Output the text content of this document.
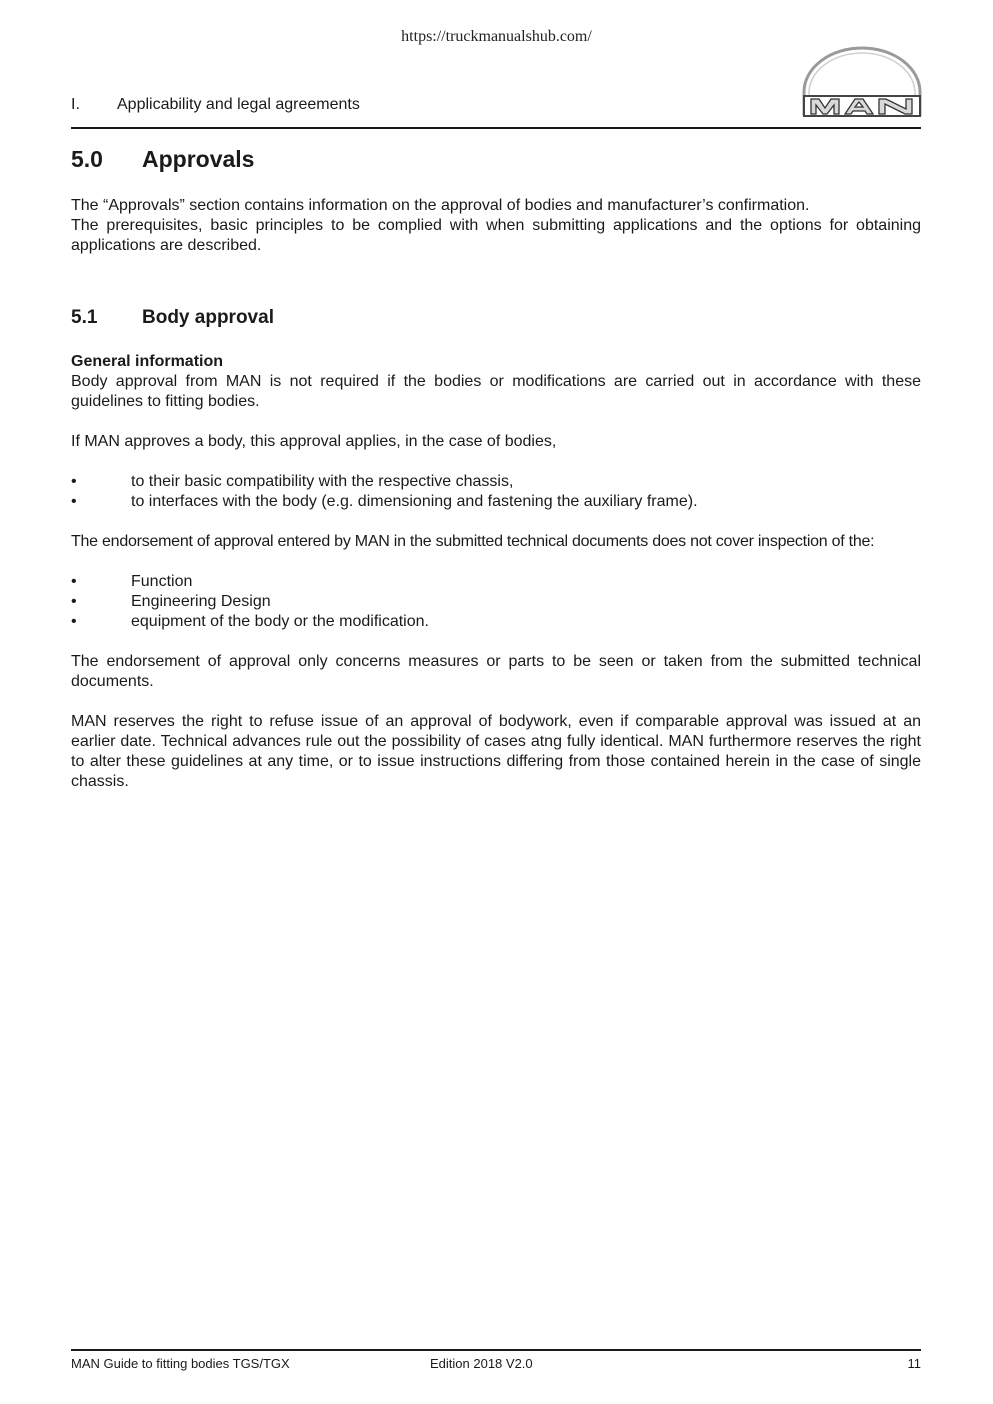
https://truckmanualshub.com/
I. Applicability and legal agreements
5.0 Approvals

The “Approvals” section contains information on the approval of bodies and manufacturer’s confirmation.

The prerequisites, basic principles to be complied with when submitting applications and the options for obtaining applications are described.

5.1 Body approval

General information

Body approval from MAN is not required if the bodies or modifications are carried out in accordance with these guidelines to fitting bodies.

If MAN approves a body, this approval applies, in the case of bodies,

•	to their basic compatibility with the respective chassis,
•	to interfaces with the body (e.g. dimensioning and fastening the auxiliary frame).

The endorsement of approval entered by MAN in the submitted technical documents does not cover inspection of the:

•	Function
•	Engineering Design
•	equipment of the body or the modification.

The endorsement of approval only concerns measures or parts to be seen or taken from the submitted technical documents.

MAN reserves the right to refuse issue of an approval of bodywork, even if comparable approval was issued at an earlier date. Technical advances rule out the possibility of cases atng fully identical. MAN furthermore reserves the right to alter these guidelines at any time, or to issue instructions differing from those contained herein in the case of single chassis.

MAN Guide to fitting bodies TGS/TGX	Edition 2018 V2.0	11
